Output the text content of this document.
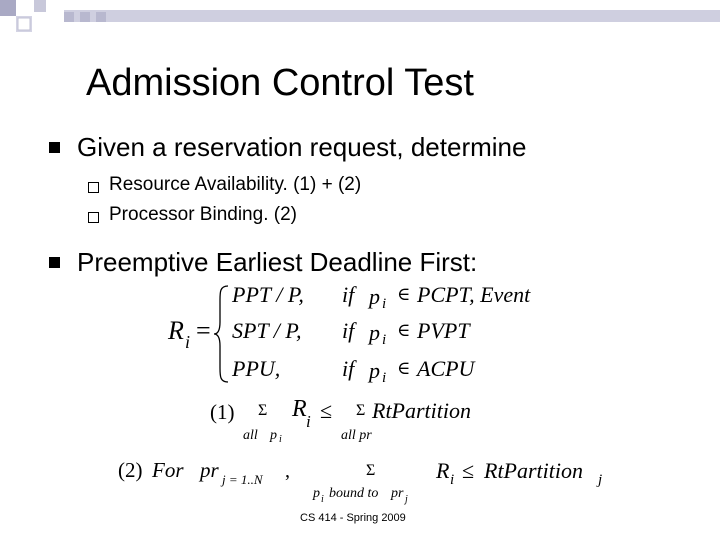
Admission Control Test
Given a reservation request, determine
Resource Availability. (1) + (2)
Processor Binding. (2)
Preemptive Earliest Deadline First:
R i =
PPT / P, if p i ∈ PCPT, Event
SPT / P, if p i ∈ PVPT
PPU,	if p i ∈ ACPU
(1) Σ
all p i
R i ≤ Σ
all pr
RtPartition
(2) For pr j = 1..N ,	Σ
p i bound to pr j
R i ≤ RtPartition j
CS 414 - Spring 2009
